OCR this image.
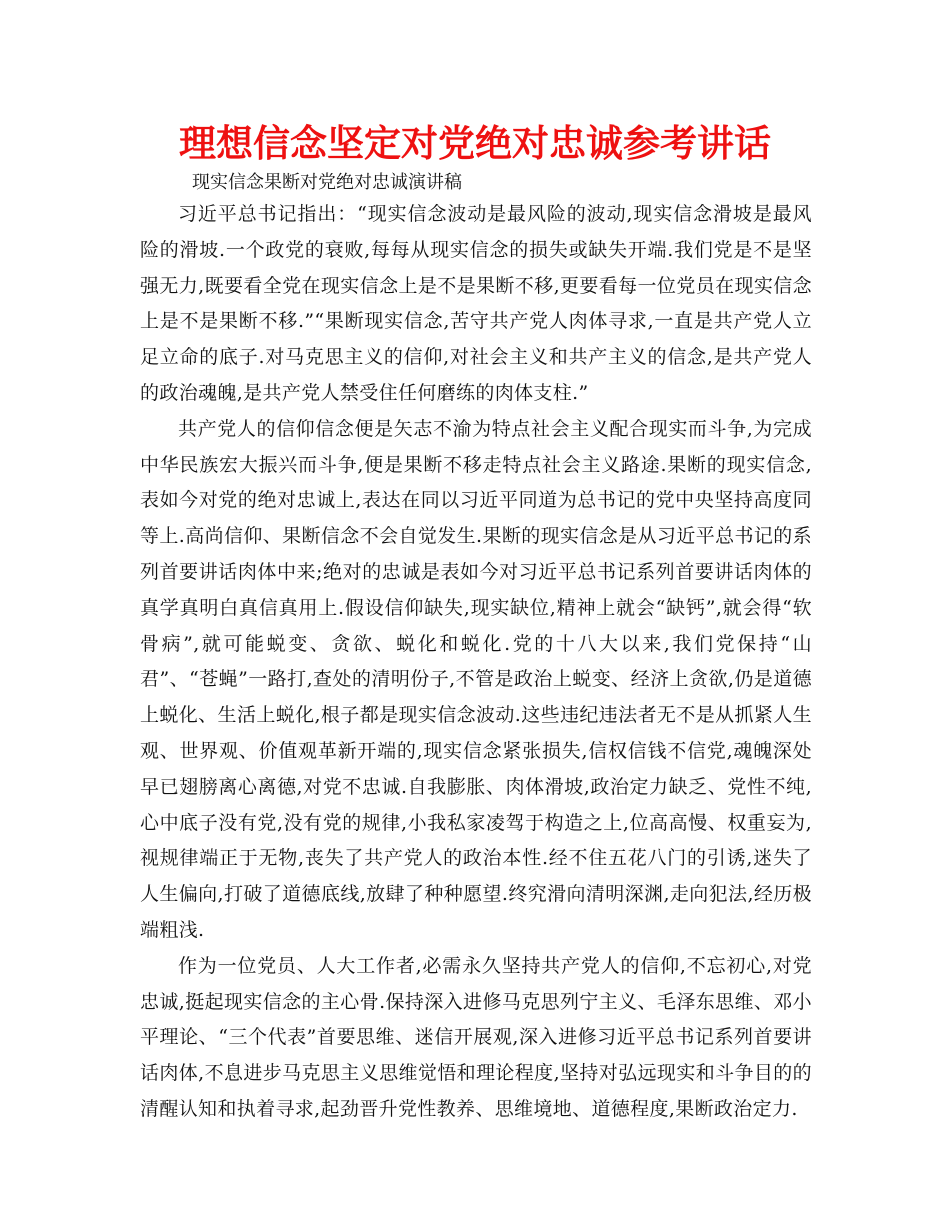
理想信念坚定对党绝对忠诚参考讲话
现实信念果断对党绝对忠诚演讲稿

习近平总书记指出：“现实信念波动是最风险的波动,现实信念滑坡是最风险的滑坡.一个政党的衰败,每每从现实信念的损失或缺失开端.我们党是不是坚强无力,既要看全党在现实信念上是不是果断不移,更要看每一位党员在现实信念上是不是果断不移.”“果断现实信念,苦守共产党人肉体寻求,一直是共产党人立足立命的底子.对马克思主义的信仰,对社会主义和共产主义的信念,是共产党人的政治魂魄,是共产党人禁受住任何磨练的肉体支柱.”

共产党人的信仰信念便是矢志不渝为特点社会主义配合现实而斗争,为完成中华民族宏大振兴而斗争,便是果断不移走特点社会主义路途.果断的现实信念,表如今对党的绝对忠诚上,表达在同以习近平同道为总书记的党中央坚持高度同等上.高尚信仰、果断信念不会自觉发生.果断的现实信念是从习近平总书记的系列首要讲话肉体中来;绝对的忠诚是表如今对习近平总书记系列首要讲话肉体的真学真明白真信真用上.假设信仰缺失,现实缺位,精神上就会“缺钙”,就会得“软骨病”,就可能蜕变、贪欲、蜕化和蜕化.党的十八大以来,我们党保持“山君”、“苍蝇”一路打,查处的清明份子,不管是政治上蜕变、经济上贪欲,仍是道德上蜕化、生活上蜕化,根子都是现实信念波动.这些违纪违法者无不是从抓紧人生观、世界观、价值观革新开端的,现实信念紧张损失,信权信钱不信党,魂魄深处早已翅膀离心离德,对党不忠诚.自我膨胀、肉体滑坡,政治定力缺乏、党性不纯,心中底子没有党,没有党的规律,小我私家凌驾于构造之上,位高高慢、权重妄为,视规律端正于无物,丧失了共产党人的政治本性.经不住五花八门的引诱,迷失了人生偏向,打破了道德底线,放肆了种种愿望.终究滑向清明深渊,走向犯法,经历极端粗浅.

作为一位党员、人大工作者,必需永久坚持共产党人的信仰,不忘初心,对党忠诚,挺起现实信念的主心骨.保持深入进修马克思列宁主义、毛泽东思维、邓小平理论、“三个代表”首要思维、迷信开展观,深入进修习近平总书记系列首要讲话肉体,不息进步马克思主义思维觉悟和理论程度,坚持对弘远现实和斗争目的的清醒认知和执着寻求,起劲晋升党性教养、思维境地、道德程度,果断政治定力.
